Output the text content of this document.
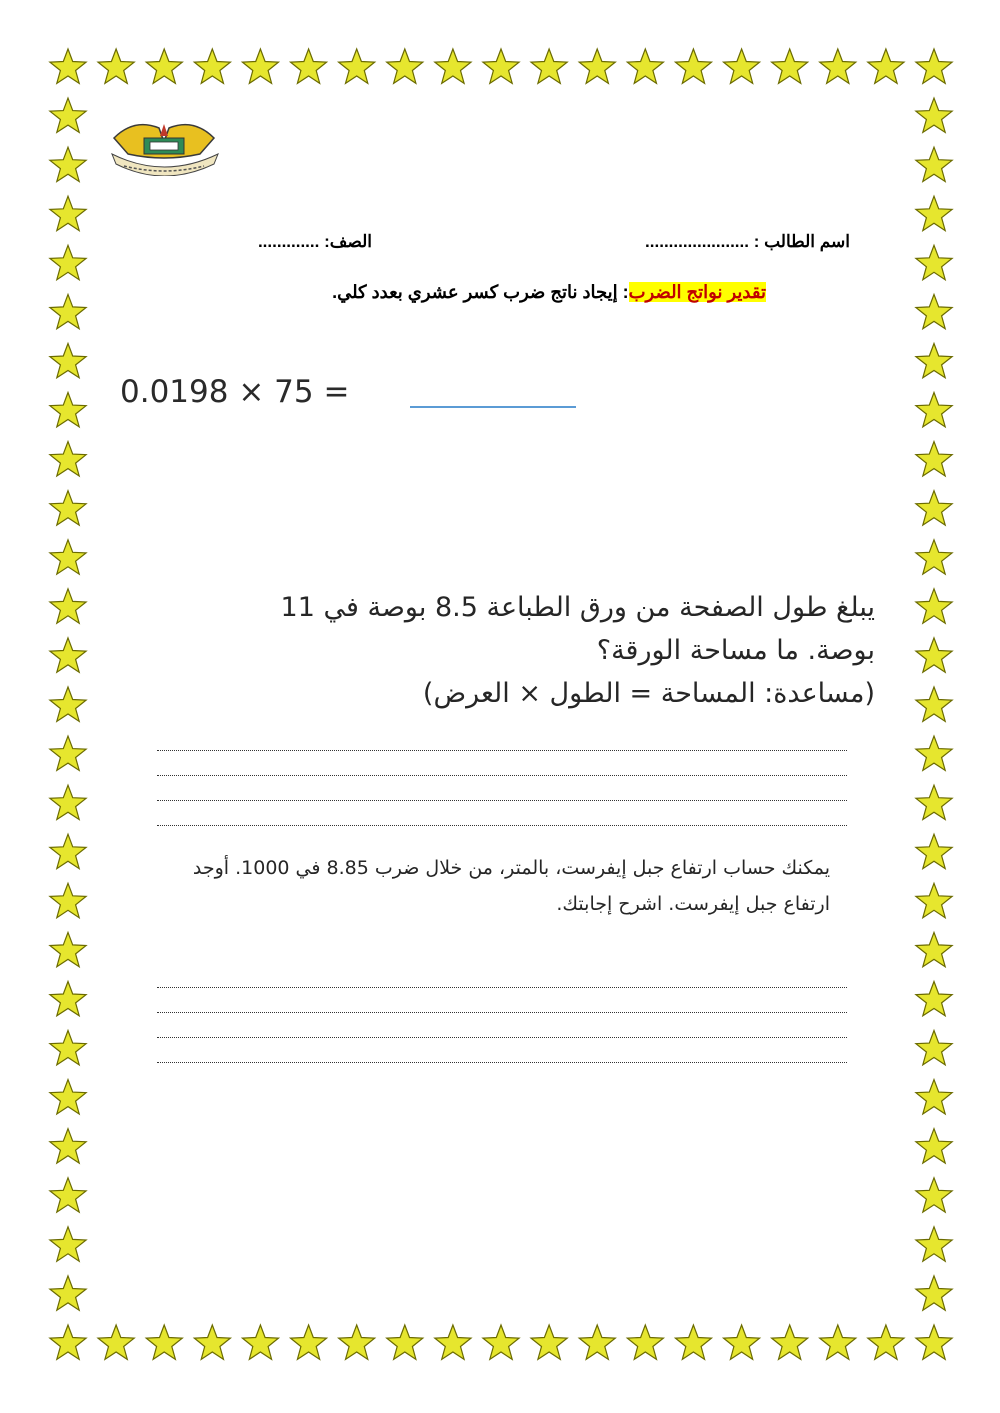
اسم الطالب : ......................
الصف: .............
تقدير نواتج الضرب: إيجاد ناتج ضرب كسر عشري بعدد كلي.
0.0198 × 75 =
يبلغ طول الصفحة من ورق الطباعة 8.5 بوصة في 11
بوصة. ما مساحة الورقة؟
(مساعدة: المساحة = الطول × العرض)
يمكنك حساب ارتفاع جبل إيفرست، بالمتر، من خلال ضرب 8.85 في 1000. أوجد ارتفاع جبل إيفرست. اشرح إجابتك.
